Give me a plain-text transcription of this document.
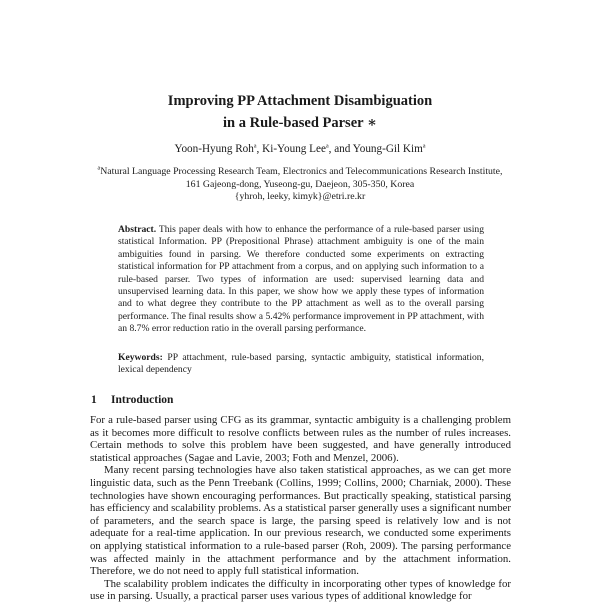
Improving PP Attachment Disambiguation
in a Rule-based Parser ∗
Yoon-Hyung Roh$^a$, Ki-Young Lee$^a$, and Young-Gil Kim$^a$
$^a$Natural Language Processing Research Team, Electronics and Telecommunications Research Institute,
161 Gajeong-dong, Yuseong-gu, Daejeon, 305-350, Korea
{yhroh, leeky, kimyk}@etri.re.kr
Abstract. This paper deals with how to enhance the performance of a rule-based parser using statistical Information. PP (Prepositional Phrase) attachment ambiguity is one of the main ambiguities found in parsing. We therefore conducted some experiments on extracting statistical information for PP attachment from a corpus, and on applying such information to a rule-based parser. Two types of information are used: supervised learning data and unsupervised learning data. In this paper, we show how we apply these types of information and to what degree they contribute to the PP attachment as well as to the overall parsing performance. The final results show a 5.42% performance improvement in PP attachment, with an 8.7% error reduction ratio in the overall parsing performance.
Keywords: PP attachment, rule-based parsing, syntactic ambiguity, statistical information, lexical dependency
1 Introduction

For a rule-based parser using CFG as its grammar, syntactic ambiguity is a challenging problem as it becomes more difficult to resolve conflicts between rules as the number of rules increases. Certain methods to solve this problem have been suggested, and have generally introduced statistical approaches (Sagae and Lavie, 2003; Foth and Menzel, 2006).

Many recent parsing technologies have also taken statistical approaches, as we can get more linguistic data, such as the Penn Treebank (Collins, 1999; Collins, 2000; Charniak, 2000). These technologies have shown encouraging performances. But practically speaking, statistical parsing has efficiency and scalability problems. As a statistical parser generally uses a significant number of parameters, and the search space is large, the parsing speed is relatively low and is not adequate for a real-time application. In our previous research, we conducted some experiments on applying statistical information to a rule-based parser (Roh, 2009). The parsing performance was affected mainly in the attachment performance and by the attachment information. Therefore, we do not need to apply full statistical information.

The scalability problem indicates the difficulty in incorporating other types of knowledge for use in parsing. Usually, a practical parser uses various types of additional knowledge for
